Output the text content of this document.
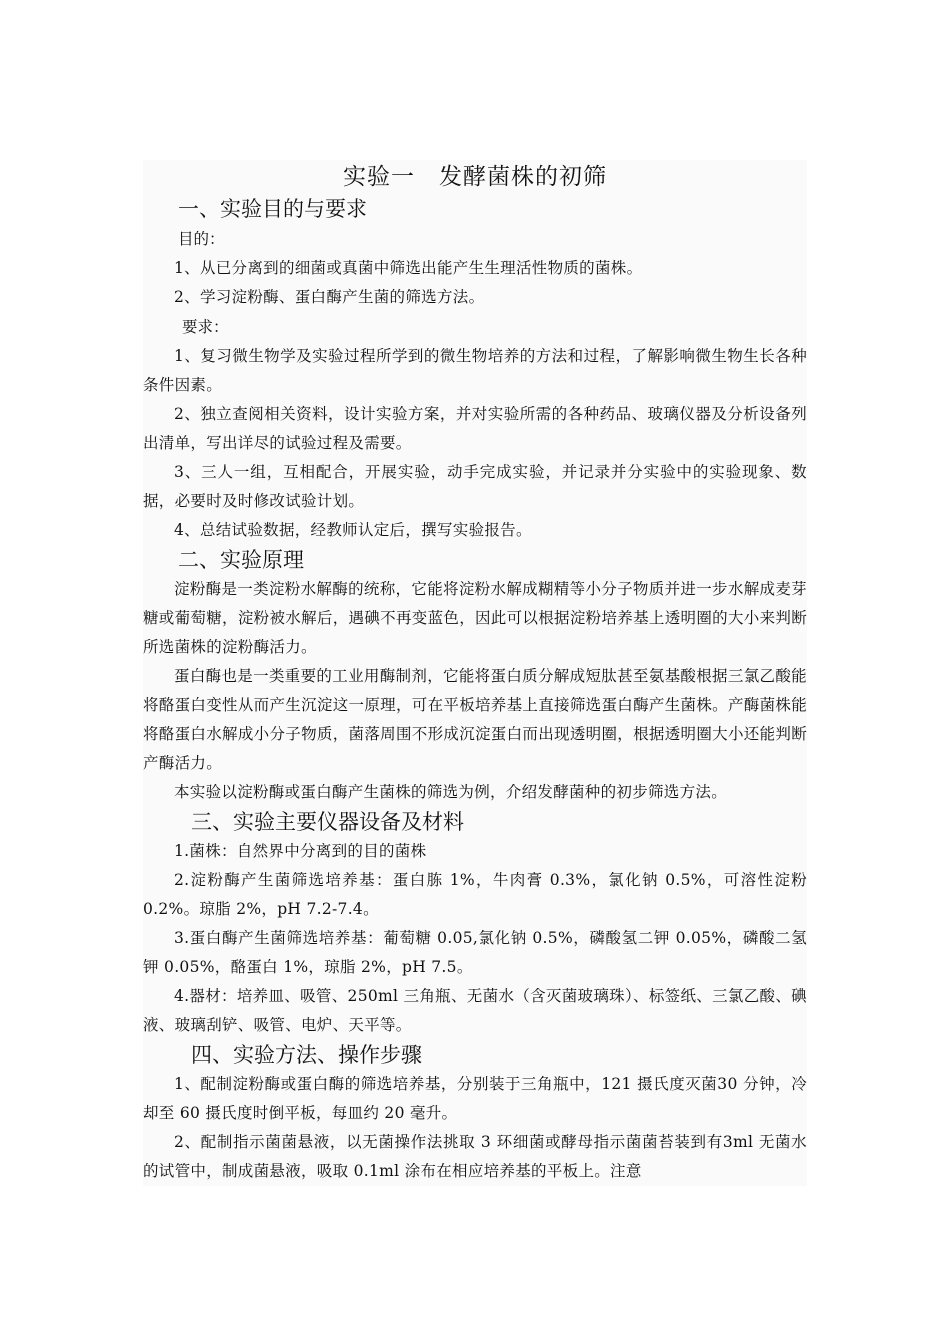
实验一　发酵菌株的初筛
一、实验目的与要求
目的：

1、从已分离到的细菌或真菌中筛选出能产生生理活性物质的菌株。

2、学习淀粉酶、蛋白酶产生菌的筛选方法。

要求：

1、复习微生物学及实验过程所学到的微生物培养的方法和过程，了解影响微生物生长各种条件因素。

2、独立查阅相关资料，设计实验方案，并对实验所需的各种药品、玻璃仪器及分析设备列出清单，写出详尽的试验过程及需要。

3、三人一组，互相配合，开展实验，动手完成实验，并记录并分实验中的实验现象、数据，必要时及时修改试验计划。

4、总结试验数据，经教师认定后，撰写实验报告。

二、实验原理

淀粉酶是一类淀粉水解酶的统称，它能将淀粉水解成糊精等小分子物质并进一步水解成麦芽糖或葡萄糖，淀粉被水解后，遇碘不再变蓝色，因此可以根据淀粉培养基上透明圈的大小来判断所选菌株的淀粉酶活力。

蛋白酶也是一类重要的工业用酶制剂，它能将蛋白质分解成短肽甚至氨基酸根据三氯乙酸能将酪蛋白变性从而产生沉淀这一原理，可在平板培养基上直接筛选蛋白酶产生菌株。产酶菌株能将酪蛋白水解成小分子物质，菌落周围不形成沉淀蛋白而出现透明圈，根据透明圈大小还能判断产酶活力。

本实验以淀粉酶或蛋白酶产生菌株的筛选为例，介绍发酵菌种的初步筛选方法。

三、实验主要仪器设备及材料

1.菌株：自然界中分离到的目的菌株

2.淀粉酶产生菌筛选培养基：蛋白胨 1%，牛肉膏 0.3%，氯化钠 0.5%，可溶性淀粉 0.2%。琼脂 2%，pH 7.2-7.4。

3.蛋白酶产生菌筛选培养基：葡萄糖 0.05,氯化钠 0.5%，磷酸氢二钾 0.05%，磷酸二氢钾 0.05%，酪蛋白 1%，琼脂 2%，pH 7.5。

4.器材：培养皿、吸管、250ml 三角瓶、无菌水（含灭菌玻璃珠）、标签纸、三氯乙酸、碘液、玻璃刮铲、吸管、电炉、天平等。

四、实验方法、操作步骤

1、配制淀粉酶或蛋白酶的筛选培养基，分别装于三角瓶中，121 摄氏度灭菌30 分钟，冷却至 60 摄氏度时倒平板，每皿约 20 毫升。

2、配制指示菌菌悬液，以无菌操作法挑取 3 环细菌或酵母指示菌菌苔装到有3ml 无菌水的试管中，制成菌悬液，吸取 0.1ml 涂布在相应培养基的平板上。注意
